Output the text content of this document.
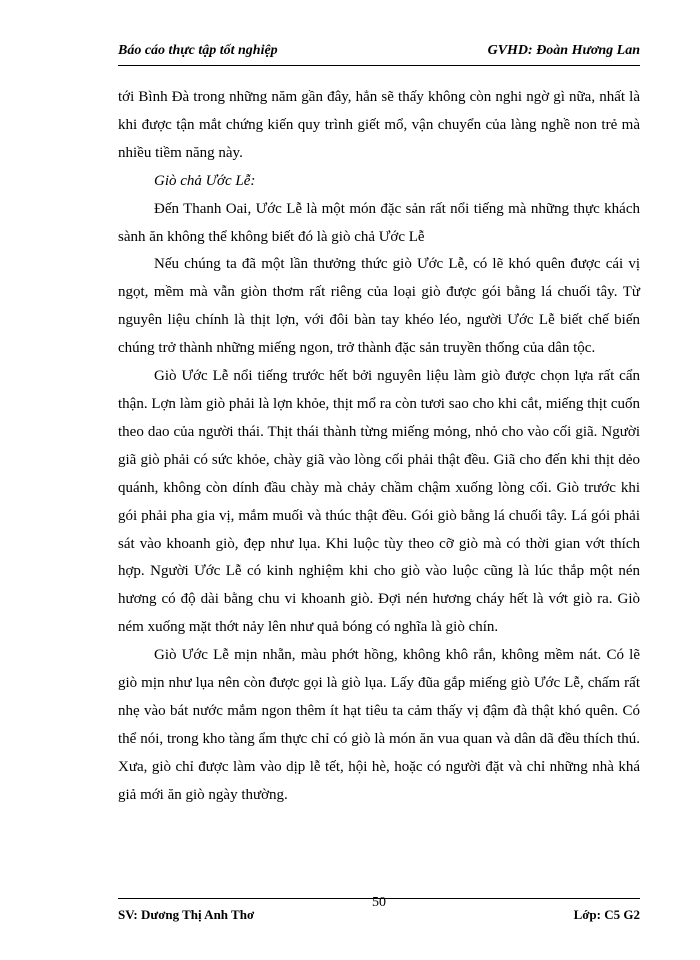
Báo cáo thực tập tốt nghiệp	GVHD: Đoàn Hương Lan

tới Bình Đà trong những năm gần đây, hẳn sẽ thấy không còn nghi ngờ gì nữa, nhất là khi được tận mắt chứng kiến quy trình giết mổ, vận chuyển của làng nghề non trẻ mà nhiều tiềm năng này.

Giò chả Ước Lễ:

Đến Thanh Oai, Ước Lễ là một món đặc sản rất nổi tiếng mà những thực khách sành ăn không thể không biết đó là giò chả Ước Lễ

Nếu chúng ta đã một lần thưởng thức giò Ước Lễ, có lẽ khó quên được cái vị ngọt, mềm mà vẫn giòn thơm rất riêng của loại giò được gói bằng lá chuối tây. Từ nguyên liệu chính là thịt lợn, với đôi bàn tay khéo léo, người Ước Lễ biết chế biến chúng trở thành những miếng ngon, trở thành đặc sản truyền thống của dân tộc.

Giò Ước Lễ nổi tiếng trước hết bởi nguyên liệu làm giò được chọn lựa rất cẩn thận. Lợn làm giò phải là lợn khỏe, thịt mổ ra còn tươi sao cho khi cắt, miếng thịt cuốn theo dao của người thái. Thịt thái thành từng miếng mỏng, nhỏ cho vào cối giã. Người giã giò phải có sức khỏe, chày giã vào lòng cối phải thật đều. Giã cho đến khi thịt dẻo quánh, không còn dính đầu chày mà chảy chầm chậm xuống lòng cối. Giò trước khi gói phải pha gia vị, mắm muối và thúc thật đều. Gói giò bằng lá chuối tây. Lá gói phải sát vào khoanh giò, đẹp như lụa. Khi luộc tùy theo cỡ giò mà có thời gian vớt thích hợp. Người Ước Lễ có kinh nghiệm khi cho giò vào luộc cũng là lúc thắp một nén hương có độ dài bằng chu vi khoanh giò. Đợi nén hương cháy hết là vớt giò ra. Giò ném xuống mặt thớt nảy lên như quả bóng có nghĩa là giò chín.

Giò Ước Lễ mịn nhẵn, màu phớt hồng, không khô rắn, không mềm nát. Có lẽ giò mịn như lụa nên còn được gọi là giò lụa. Lấy đũa gắp miếng giò Ước Lễ, chấm rất nhẹ vào bát nước mắm ngon thêm ít hạt tiêu ta cảm thấy vị đậm đà thật khó quên. Có thể nói, trong kho tàng ẩm thực chỉ có giò là món ăn vua quan và dân dã đều thích thú. Xưa, giò chỉ được làm vào dịp lễ tết, hội hè, hoặc có người đặt và chỉ những nhà khá giả mới ăn giò ngày thường.

SV: Dương Thị Anh Thơ
50
Lớp: C5 G2
